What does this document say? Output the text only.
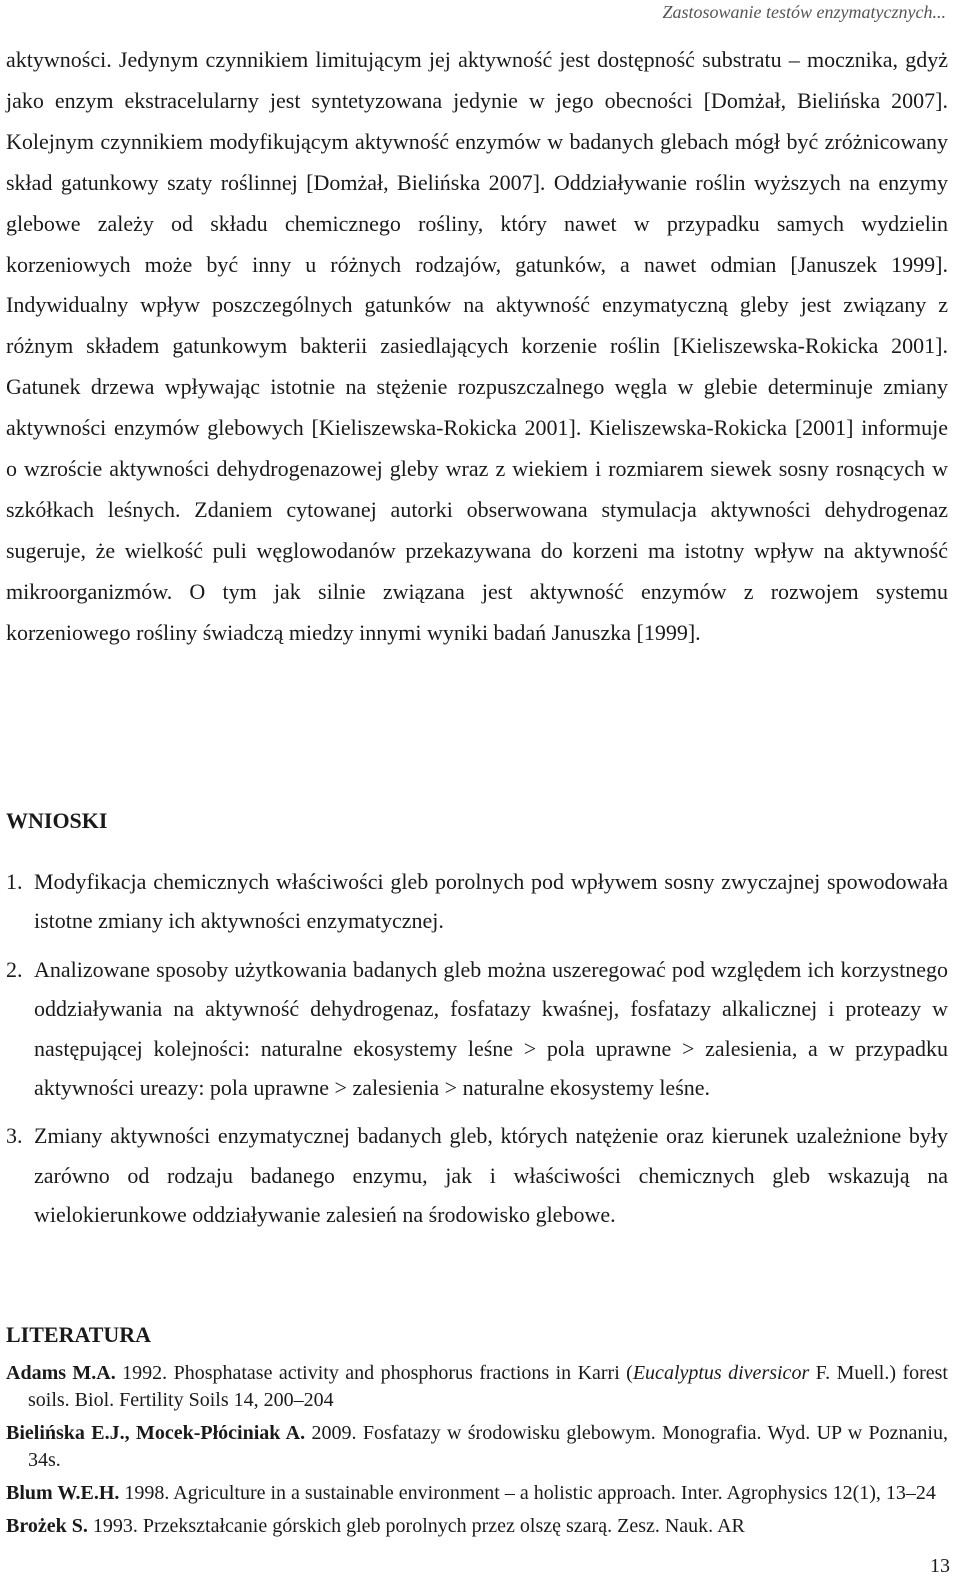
Zastosowanie testów enzymatycznych...

aktywności. Jedynym czynnikiem limitującym jej aktywność jest dostępność substratu – mocznika, gdyż jako enzym ekstracelularny jest syntetyzowana jedynie w jego obecności [Domżał, Bielińska 2007]. Kolejnym czynnikiem modyfikującym aktywność enzymów w badanych glebach mógł być zróżnicowany skład gatunkowy szaty roślinnej [Domżał, Bielińska 2007]. Oddziaływanie roślin wyższych na enzymy glebowe zależy od składu chemicznego rośliny, który nawet w przypadku samych wydzielin korzeniowych może być inny u różnych rodzajów, gatunków, a nawet odmian [Januszek 1999]. Indywidualny wpływ poszczególnych gatunków na aktywność enzymatyczną gleby jest związany z różnym składem gatunkowym bakterii zasiedlających korzenie roślin [Kieliszewska-Rokicka 2001]. Gatunek drzewa wpływając istotnie na stężenie rozpuszczalnego węgla w glebie determinuje zmiany aktywności enzymów glebowych [Kieliszewska-Rokicka 2001]. Kieliszewska-Rokicka [2001] informuje o wzroście aktywności dehydrogenazowej gleby wraz z wiekiem i rozmiarem siewek sosny rosnących w szkółkach leśnych. Zdaniem cytowanej autorki obserwowana stymulacja aktywności dehydrogenaz sugeruje, że wielkość puli węglowodanów przekazywana do korzeni ma istotny wpływ na aktywność mikroorganizmów. O tym jak silnie związana jest aktywność enzymów z rozwojem systemu korzeniowego rośliny świadczą miedzy innymi wyniki badań Januszka [1999].

WNIOSKI
1. Modyfikacja chemicznych właściwości gleb porolnych pod wpływem sosny zwyczajnej spowodowała istotne zmiany ich aktywności enzymatycznej.
2. Analizowane sposoby użytkowania badanych gleb można uszeregować pod względem ich korzystnego oddziaływania na aktywność dehydrogenaz, fosfatazy kwaśnej, fosfatazy alkalicznej i proteazy w następującej kolejności: naturalne ekosystemy leśne > pola uprawne > zalesienia, a w przypadku aktywności ureazy: pola uprawne > zalesienia > naturalne ekosystemy leśne.
3. Zmiany aktywności enzymatycznej badanych gleb, których natężenie oraz kierunek uzależnione były zarówno od rodzaju badanego enzymu, jak i właściwości chemicznych gleb wskazują na wielokierunkowe oddziaływanie zalesień na środowisko glebowe.
LITERATURA
Adams M.A. 1992. Phosphatase activity and phosphorus fractions in Karri (Eucalyptus diversicor F. Muell.) forest soils. Biol. Fertility Soils 14, 200–204
Bielińska E.J., Mocek-Płóciniak A. 2009. Fosfatazy w środowisku glebowym. Monografia. Wyd. UP w Poznaniu, 34s.
Blum W.E.H. 1998. Agriculture in a sustainable environment – a holistic approach. Inter. Agrophysics 12(1), 13–24
Brożek S. 1993. Przekształcanie górskich gleb porolnych przez olszę szarą. Zesz. Nauk. AR
13
